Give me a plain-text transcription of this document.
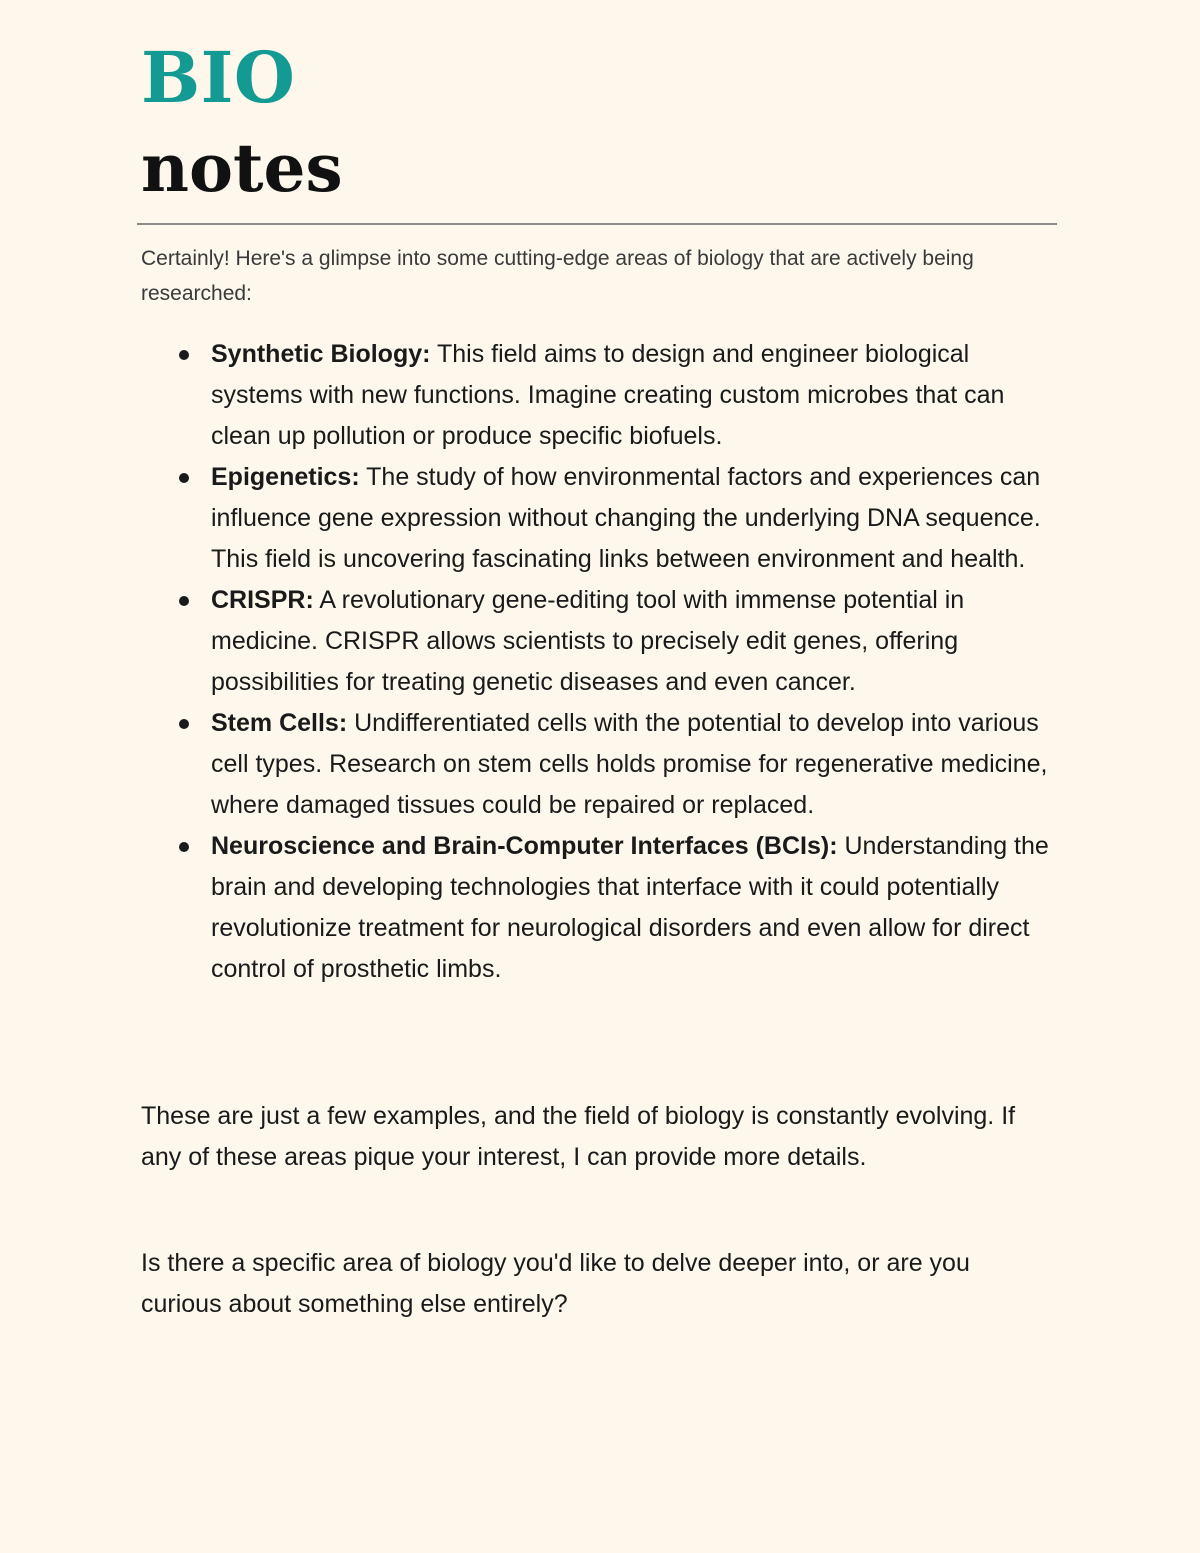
BIO
notes

Certainly! Here's a glimpse into some cutting-edge areas of biology that are actively being researched:

Synthetic Biology: This field aims to design and engineer biological systems with new functions. Imagine creating custom microbes that can clean up pollution or produce specific biofuels.
Epigenetics: The study of how environmental factors and experiences can influence gene expression without changing the underlying DNA sequence. This field is uncovering fascinating links between environment and health.
CRISPR: A revolutionary gene-editing tool with immense potential in medicine. CRISPR allows scientists to precisely edit genes, offering possibilities for treating genetic diseases and even cancer.
Stem Cells: Undifferentiated cells with the potential to develop into various cell types. Research on stem cells holds promise for regenerative medicine, where damaged tissues could be repaired or replaced.
Neuroscience and Brain-Computer Interfaces (BCIs): Understanding the brain and developing technologies that interface with it could potentially revolutionize treatment for neurological disorders and even allow for direct control of prosthetic limbs.

These are just a few examples, and the field of biology is constantly evolving. If any of these areas pique your interest, I can provide more details.

Is there a specific area of biology you'd like to delve deeper into, or are you curious about something else entirely?
